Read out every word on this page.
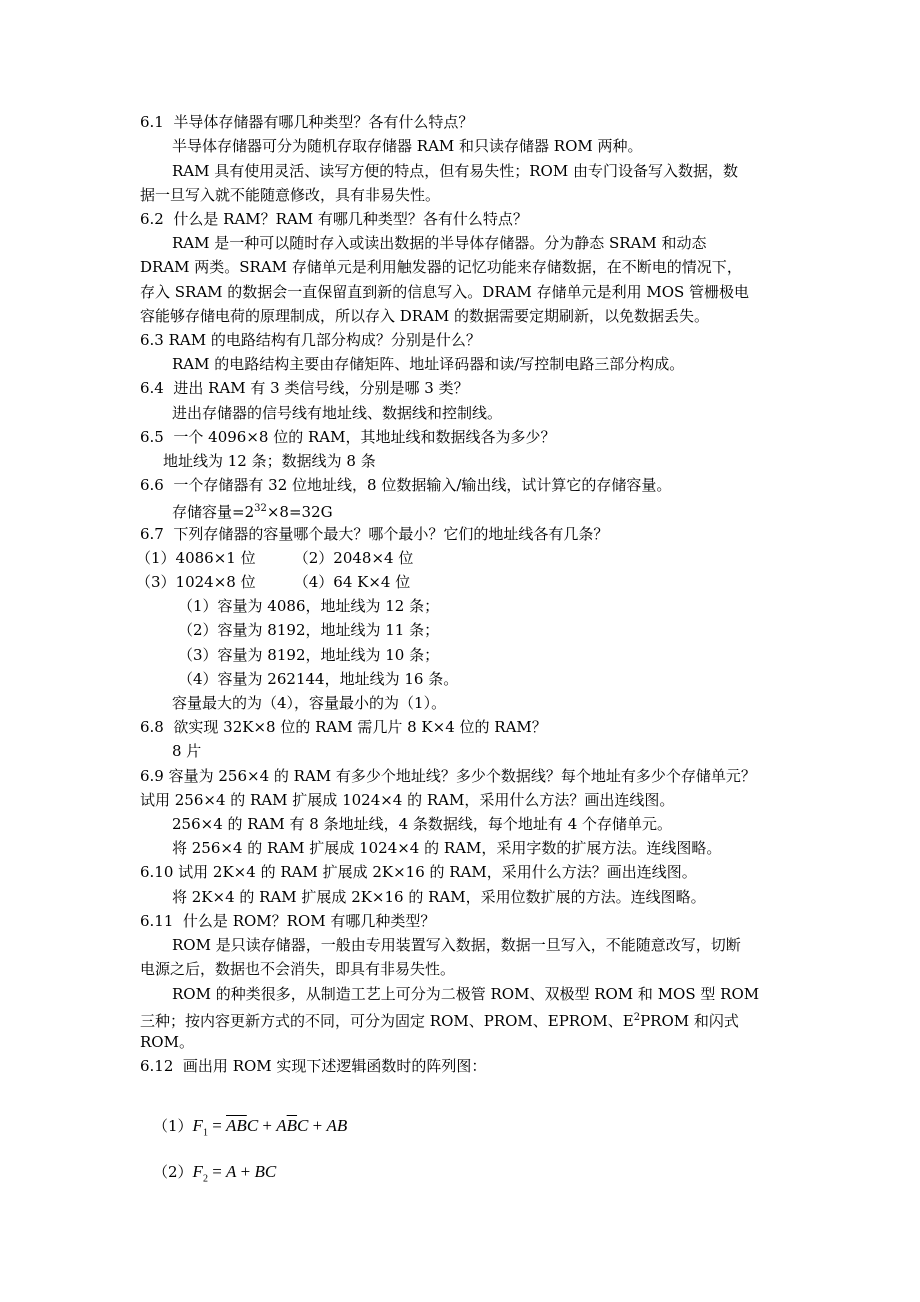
6.1  半导体存储器有哪几种类型？各有什么特点？
半导体存储器可分为随机存取存储器 RAM 和只读存储器 ROM 两种。
RAM 具有使用灵活、读写方便的特点，但有易失性；ROM 由专门设备写入数据，数
据一旦写入就不能随意修改，具有非易失性。
6.2  什么是 RAM？RAM 有哪几种类型？各有什么特点？
RAM 是一种可以随时存入或读出数据的半导体存储器。分为静态 SRAM 和动态
DRAM 两类。SRAM 存储单元是利用触发器的记忆功能来存储数据，在不断电的情况下，
存入 SRAM 的数据会一直保留直到新的信息写入。DRAM 存储单元是利用 MOS 管栅极电
容能够存储电荷的原理制成，所以存入 DRAM 的数据需要定期刷新，以免数据丢失。
6.3 RAM 的电路结构有几部分构成？分别是什么？
RAM 的电路结构主要由存储矩阵、地址译码器和读/写控制电路三部分构成。
6.4  进出 RAM 有 3 类信号线，分别是哪 3 类？
进出存储器的信号线有地址线、数据线和控制线。
6.5  一个 4096×8 位的 RAM，其地址线和数据线各为多少？
地址线为 12 条；数据线为 8 条
6.6  一个存储器有 32 位地址线，8 位数据输入/输出线，试计算它的存储容量。
存储容量$=2^{32}\times 8=32G$
6.7  下列存储器的容量哪个最大？哪个最小？它们的地址线各有几条？
（1）4086×1 位        （2）2048×4 位
（3）1024×8 位        （4）64 K×4 位
（1）容量为 4086，地址线为 12 条；
（2）容量为 8192，地址线为 11 条；
（3）容量为 8192，地址线为 10 条；
（4）容量为 262144，地址线为 16 条。
容量最大的为（4），容量最小的为（1）。
6.8  欲实现 32K×8 位的 RAM 需几片 8 K×4 位的 RAM？
8 片
6.9 容量为 256×4 的 RAM 有多少个地址线？多少个数据线？每个地址有多少个存储单元？
试用 256×4 的 RAM 扩展成 1024×4 的 RAM，采用什么方法？画出连线图。
256×4 的 RAM 有 8 条地址线，4 条数据线，每个地址有 4 个存储单元。
将 256×4 的 RAM 扩展成 1024×4 的 RAM，采用字数的扩展方法。连线图略。
6.10 试用 2K×4 的 RAM 扩展成 2K×16 的 RAM，采用什么方法？画出连线图。
将 2K×4 的 RAM 扩展成 2K×16 的 RAM，采用位数扩展的方法。连线图略。
6.11  什么是 ROM？ROM 有哪几种类型？
ROM 是只读存储器，一般由专用装置写入数据，数据一旦写入，不能随意改写，切断
电源之后，数据也不会消失，即具有非易失性。
ROM 的种类很多，从制造工艺上可分为二极管 ROM、双极型 ROM 和 MOS 型 ROM
三种；按内容更新方式的不同，可分为固定 ROM、PROM、EPROM、$E^2PROM$ 和闪式
ROM。
6.12  画出用 ROM 实现下述逻辑函数时的阵列图：

$(1)F_1 = \overline{AB}C + A\overline{B}C$ + AB

$(2)F_2 = A$ + BC
